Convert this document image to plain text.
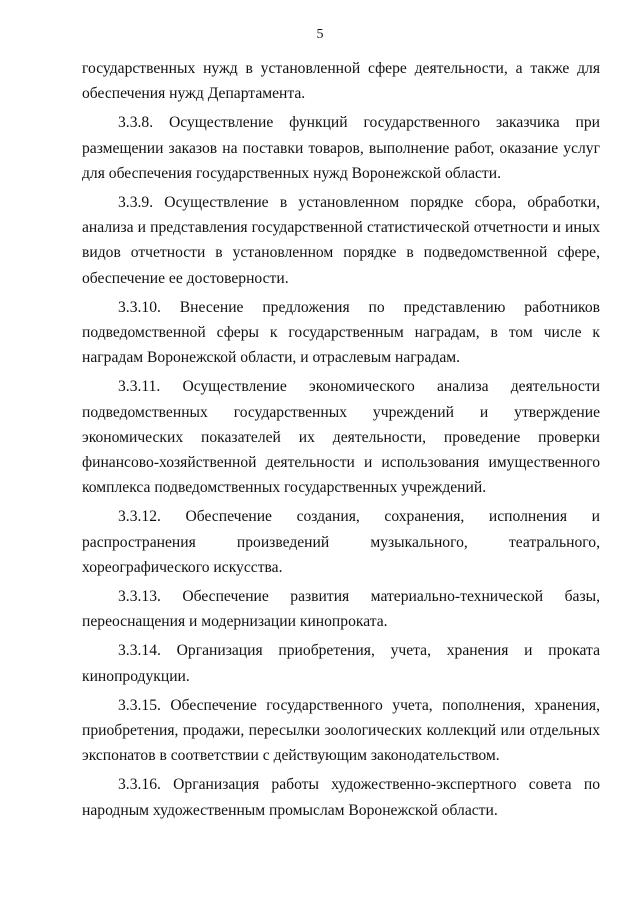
5

государственных нужд в установленной сфере деятельности, а также для обеспечения нужд Департамента.

3.3.8. Осуществление функций государственного заказчика при размещении заказов на поставки товаров, выполнение работ, оказание услуг для обеспечения государственных нужд Воронежской области.

3.3.9. Осуществление в установленном порядке сбора, обработки, анализа и представления государственной статистической отчетности и иных видов отчетности в установленном порядке в подведомственной сфере, обеспечение ее достоверности.

3.3.10. Внесение предложения по представлению работников подведомственной сферы к государственным наградам, в том числе к наградам Воронежской области, и отраслевым наградам.

3.3.11. Осуществление экономического анализа деятельности подведомственных государственных учреждений и утверждение экономических показателей их деятельности, проведение проверки финансово-хозяйственной деятельности и использования имущественного комплекса подведомственных государственных учреждений.

3.3.12. Обеспечение создания, сохранения, исполнения и распространения произведений музыкального, театрального, хореографического искусства.

3.3.13. Обеспечение развития материально-технической базы, переоснащения и модернизации кинопроката.

3.3.14. Организация приобретения, учета, хранения и проката кинопродукции.

3.3.15. Обеспечение государственного учета, пополнения, хранения, приобретения, продажи, пересылки зоологических коллекций или отдельных экспонатов в соответствии с действующим законодательством.

3.3.16. Организация работы художественно-экспертного совета по народным художественным промыслам Воронежской области.
